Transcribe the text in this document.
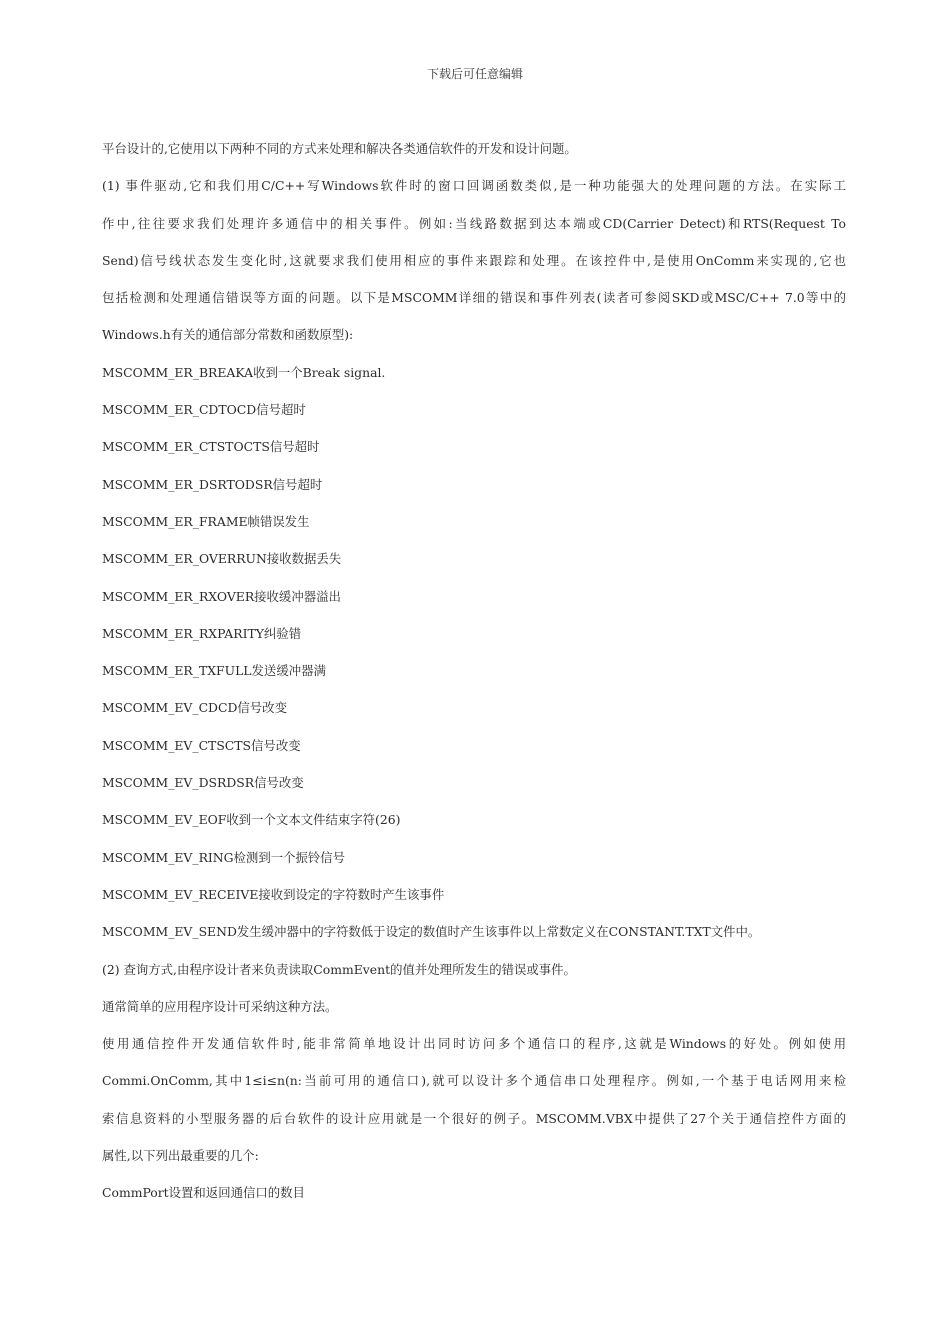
下载后可任意编辑
平台设计的,它使用以下两种不同的方式来处理和解决各类通信软件的开发和设计问题。
(1) 事件驱动,它和我们用C/C++写Windows软件时的窗口回调函数类似,是一种功能强大的处理问题的方法。在实际工
作中,往往要求我们处理许多通信中的相关事件。例如:当线路数据到达本端或CD(Carrier Detect)和RTS(Request To
Send)信号线状态发生变化时,这就要求我们使用相应的事件来跟踪和处理。在该控件中,是使用OnComm来实现的,它也
包括检测和处理通信错误等方面的问题。以下是MSCOMM详细的错误和事件列表(读者可参阅SKD或MSC/C++ 7.0等中的
Windows.h有关的通信部分常数和函数原型):
MSCOMM_ER_BREAKA收到一个Break signal.
MSCOMM_ER_CDTOCD信号超时
MSCOMM_ER_CTSTOCTS信号超时
MSCOMM_ER_DSRTODSR信号超时
MSCOMM_ER_FRAME帧错误发生
MSCOMM_ER_OVERRUN接收数据丢失
MSCOMM_ER_RXOVER接收缓冲器溢出
MSCOMM_ER_RXPARITY纠验错
MSCOMM_ER_TXFULL发送缓冲器满
MSCOMM_EV_CDCD信号改变
MSCOMM_EV_CTSCTS信号改变
MSCOMM_EV_DSRDSR信号改变
MSCOMM_EV_EOF收到一个文本文件结束字符(26)
MSCOMM_EV_RING检测到一个振铃信号
MSCOMM_EV_RECEIVE接收到设定的字符数时产生该事件
MSCOMM_EV_SEND发生缓冲器中的字符数低于设定的数值时产生该事件以上常数定义在CONSTANT.TXT文件中。
(2) 查询方式,由程序设计者来负责读取CommEvent的值并处理所发生的错误或事件。
通常简单的应用程序设计可采纳这种方法。
使用通信控件开发通信软件时,能非常简单地设计出同时访问多个通信口的程序,这就是Windows的好处。例如使用
Commi.OnComm,其中1≤i≤n(n:当前可用的通信口),就可以设计多个通信串口处理程序。例如,一个基于电话网用来检
索信息资料的小型服务器的后台软件的设计应用就是一个很好的例子。MSCOMM.VBX中提供了27个关于通信控件方面的
属性,以下列出最重要的几个:
CommPort设置和返回通信口的数目
